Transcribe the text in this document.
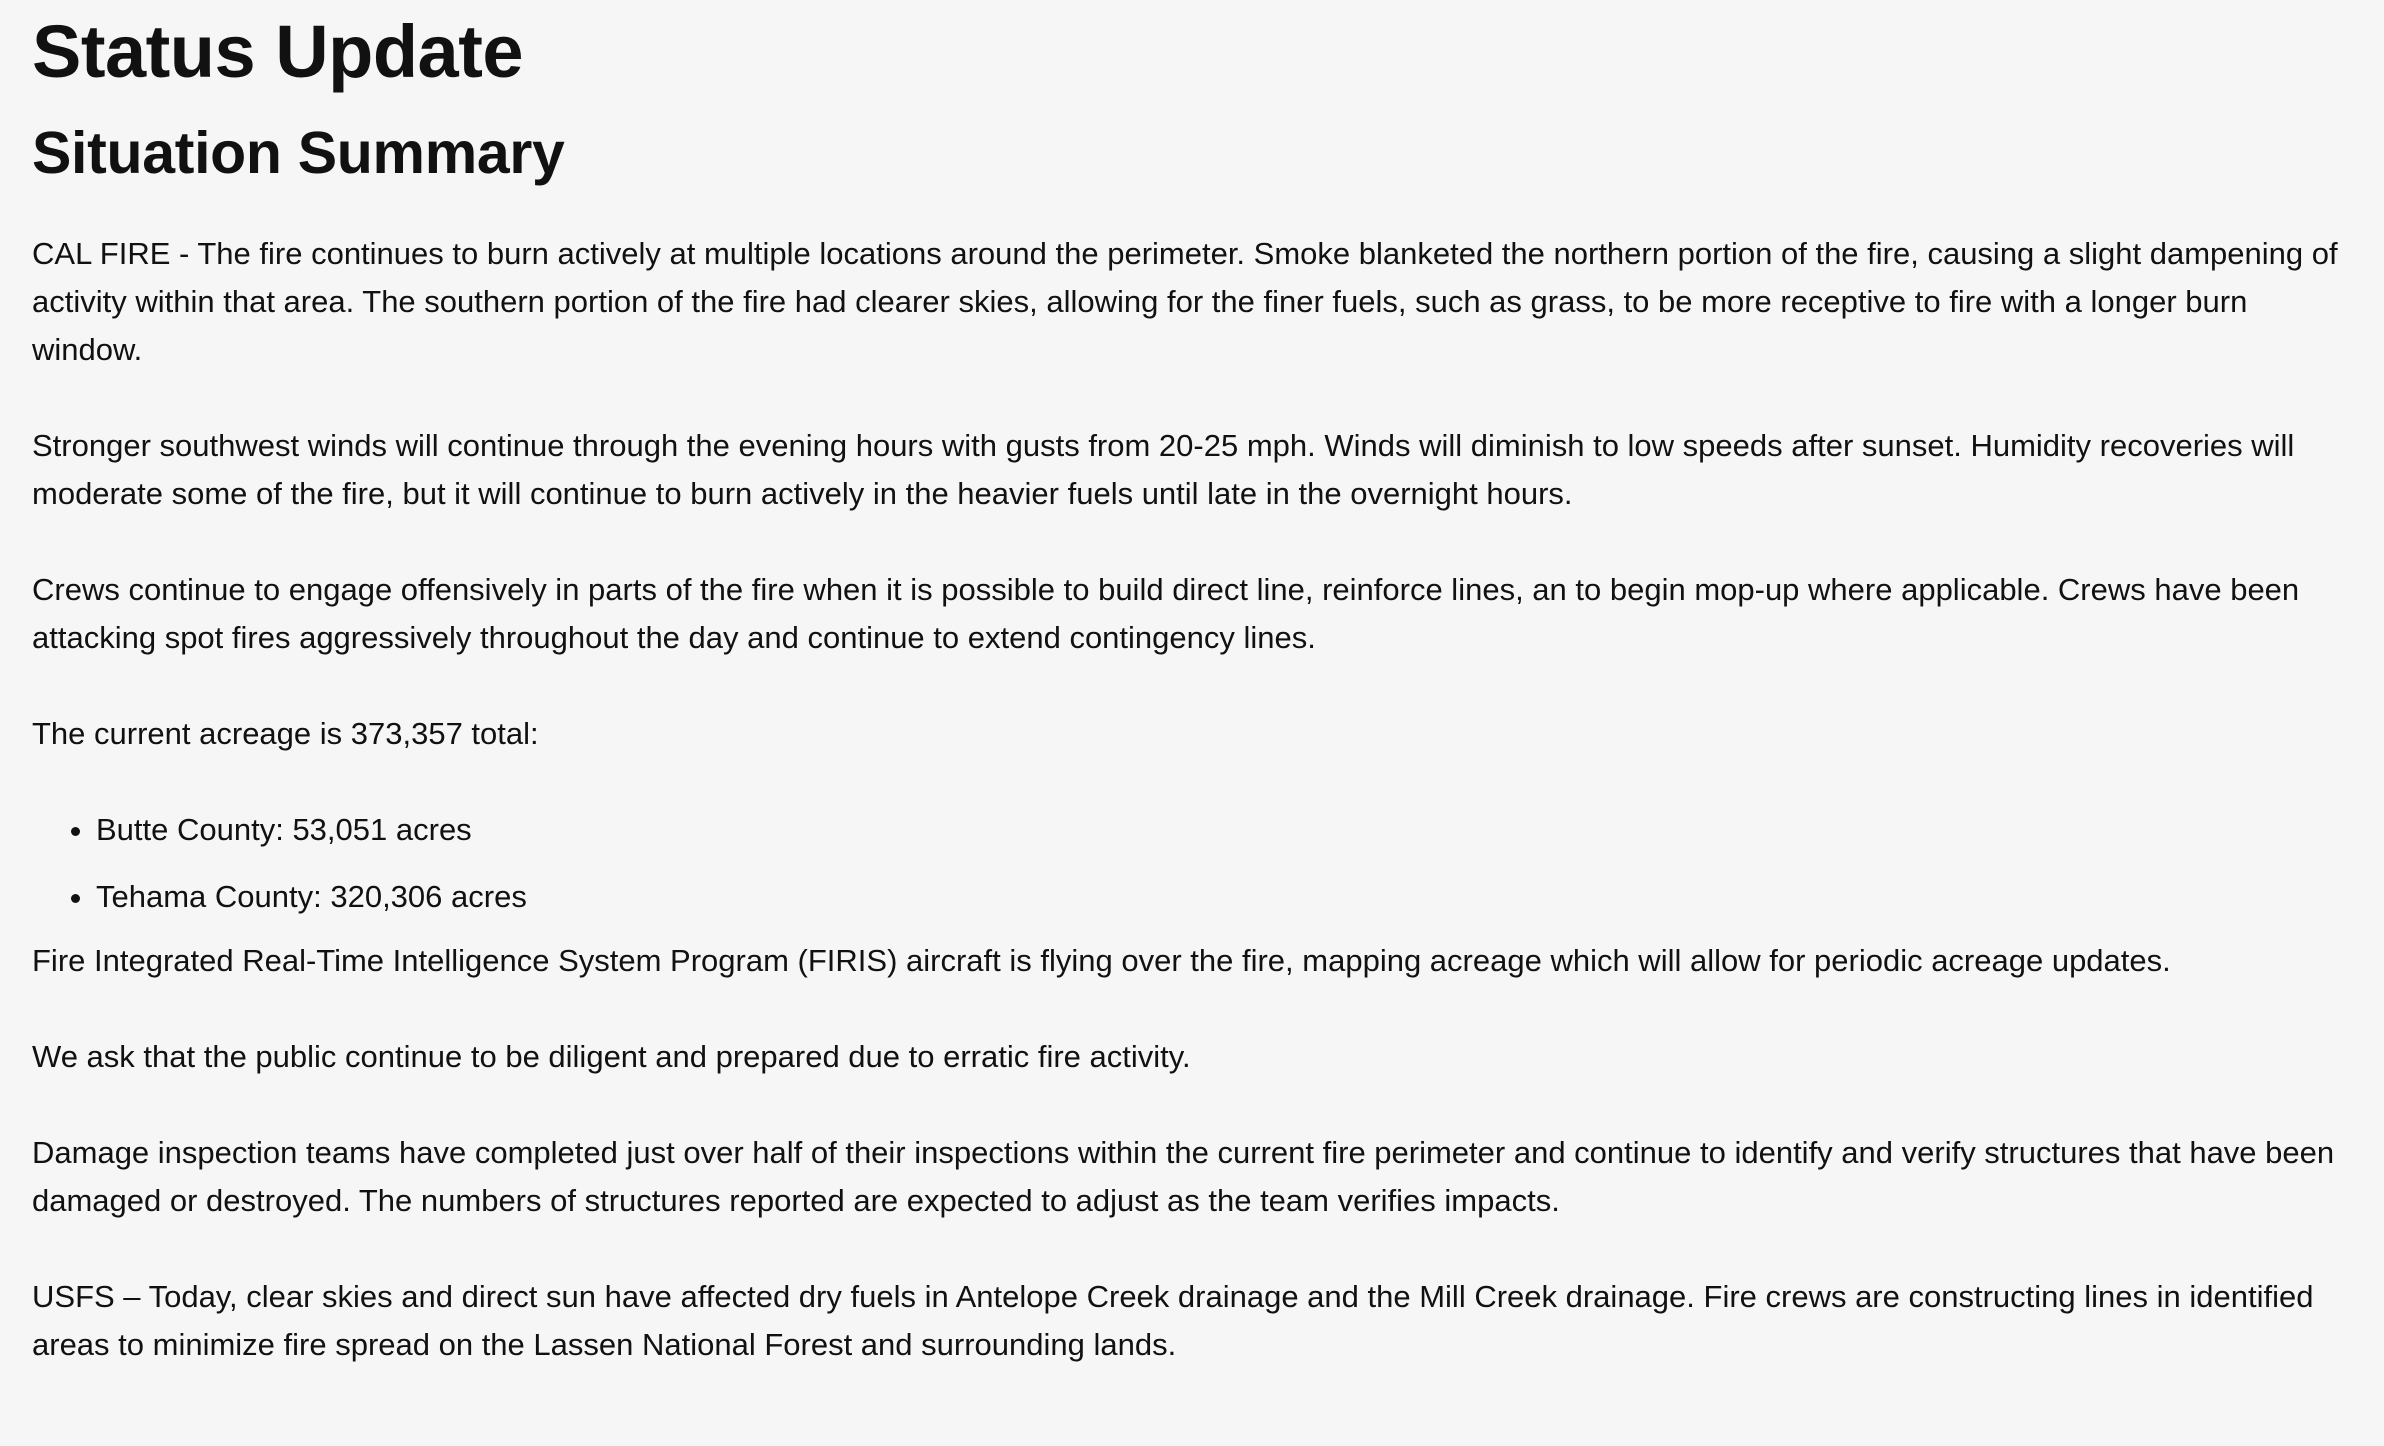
Status Update
Situation Summary

CAL FIRE - The fire continues to burn actively at multiple locations around the perimeter. Smoke blanketed the northern portion of the fire, causing a slight dampening of activity within that area. The southern portion of the fire had clearer skies, allowing for the finer fuels, such as grass, to be more receptive to fire with a longer burn window.

Stronger southwest winds will continue through the evening hours with gusts from 20-25 mph. Winds will diminish to low speeds after sunset. Humidity recoveries will moderate some of the fire, but it will continue to burn actively in the heavier fuels until late in the overnight hours.

Crews continue to engage offensively in parts of the fire when it is possible to build direct line, reinforce lines, an to begin mop-up where applicable. Crews have been attacking spot fires aggressively throughout the day and continue to extend contingency lines.

The current acreage is 373,357 total:

• Butte County: 53,051 acres
• Tehama County: 320,306 acres

Fire Integrated Real-Time Intelligence System Program (FIRIS) aircraft is flying over the fire, mapping acreage which will allow for periodic acreage updates.

We ask that the public continue to be diligent and prepared due to erratic fire activity.

Damage inspection teams have completed just over half of their inspections within the current fire perimeter and continue to identify and verify structures that have been damaged or destroyed. The numbers of structures reported are expected to adjust as the team verifies impacts.

USFS – Today, clear skies and direct sun have affected dry fuels in Antelope Creek drainage and the Mill Creek drainage. Fire crews are constructing lines in identified areas to minimize fire spread on the Lassen National Forest and surrounding lands.
